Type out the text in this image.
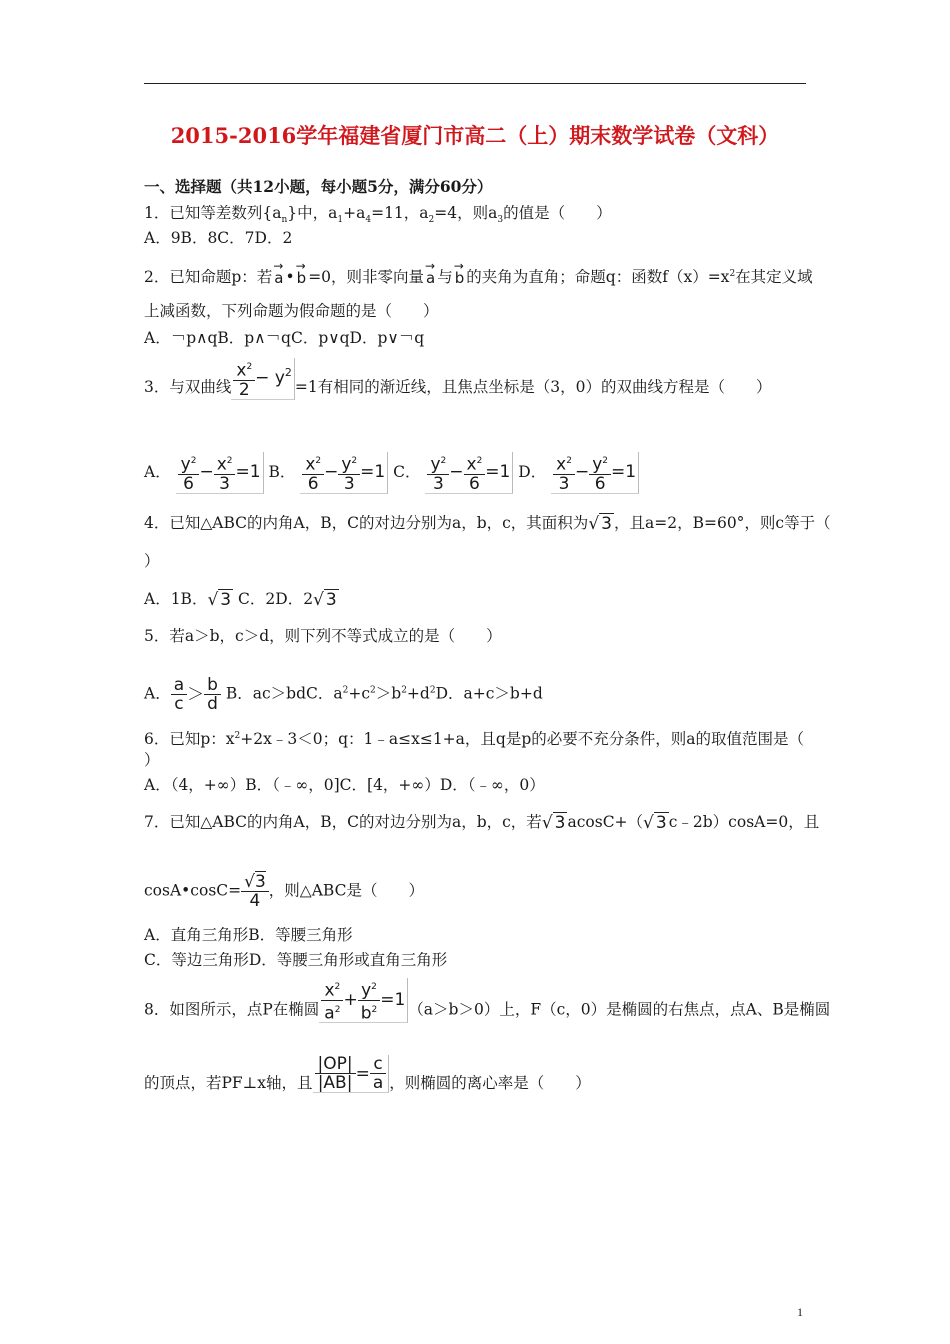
2015-2016学年福建省厦门市高二（上）期末数学试卷（文科）
一、选择题（共12小题，每小题5分，满分60分）
1．已知等差数列$\{a_n\}$中，$a_1+a_4=11$，$a_2=4$，则$a_3$的值是（　　）
A．9B．8C．7D．2
2．已知命题p：若 → a • → b =0，则非零向量 → a 与 → b 的夹角为直角；命题q：函数$f(x)=x^2$在其定义域
上减函数，下列命题为假命题的是（　　）
A．￢p∧qB．p∧￢qC．p∨qD．p∨￢q
3．与双曲线 $\frac{x^2}{2} - y^2=1$有相同的渐近线，且焦点坐标是（3，0）的双曲线方程是（　　）
A． $\frac{y^2}{6} - \frac{x^2}{3} =1$ B． $\frac{x^2}{6} - \frac{y^2}{3} =1$ C． $\frac{y^2}{3} - \frac{x^2}{6} =1$ D． $\frac{x^2}{3} - \frac{y^2}{6} =1$
4．已知△ABC的内角A，B，C的对边分别为a，b，c，其面积为√ 3 ，且a=2，B=60°，则c等于（
）
A．1B．√ 3 C．2D．2√ 3
5．若a＞b，c＞d，则下列不等式成立的是（　　）
A． $\frac{a}{c} > \frac{b}{d}$ B．ac＞bdC．$a^2+c^2>b^2+d^2D$．a+c＞b+d
6．已知p：$x^2+2x﹣3<0$；q：1﹣a≤x≤1+a，且q是p的必要不充分条件，则a的取值范围是（
）
A．（4，+∞）B．（﹣∞，0]C．[4，+∞）D．（﹣∞，0）
7．已知△ABC的内角A，B，C的对边分别为a，b，c，若√ 3 acosC+（√ 3 c﹣2b）cosA=0，且
cosA•cosC= $\frac{√3}{4}$ ，则△ABC是（　　）
A．直角三角形B．等腰三角形
C．等边三角形D．等腰三角形或直角三角形
8．如图所示，点P在椭圆 $\frac{x^2}{a^2} + \frac{y^2}{b^2} =1$ （a＞b＞0）上，F（c，0）是椭圆的右焦点，点A、B是椭圆
的顶点，若PF⊥x轴，且 $\frac{|OP|}{|AB|} = \frac{c}{a}$ ，则椭圆的离心率是（　　）
1
